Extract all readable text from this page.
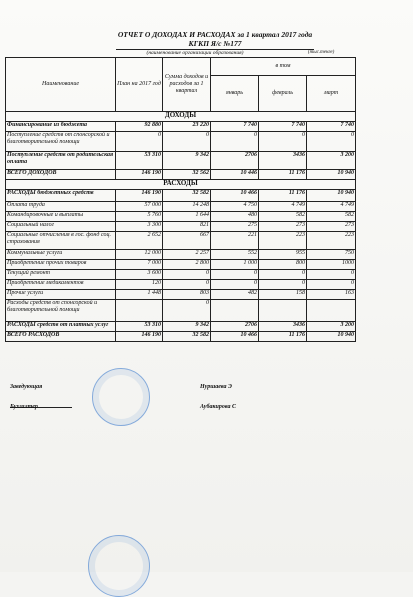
ОТЧЕТ О ДОХОДАХ И РАСХОДАХ за 1 квартал 2017 года
КГКП Я/с №177
(наименование организации образования)	(тыс.тенге)
Наименование	План на 2017 год	Сумма доходов и расходов за 1 квартал	в том		
			январь	февраль	март
ДОХОДЫ					
Финансирование из бюджета	92 880	23 220	7 740	7 740	7 740
Поступление средств от спонсорской и благотворительной помощи	0	0	0	0	0
Поступление средств от родительская оплата	53 310	9 342	2706	3436	3 200
ВСЕГО ДОХОДОВ	146 190	32 562	10 446	11 176	10 940
РАСХОДЫ					
РАСХОДЫ бюджетных средств	146 190	32 582	10 466	11 176	10 940
Оплата труда	57 000	14 248	4 750	4 749	4 749
Командировочные и выплаты	5 760	1 644	480	582	582
Социальный налог	3 300	821	275	273	273
Социальные отчисления в гос. фонд соц. страхования	2 652	667	221	223	223
Коммунальные услуги	12 000	2 257	552	955	750
Приобретение прочих товаров	7 000	2 800	1 000	800	1000
Текущий ремонт	3 600	0	0	0	0
Приобретение медикаментов	120	0	0	0	0
Прочие услуги	1 448	803	482	158	163
Расходы средств от спонсорской и благотворительной помощи		0			
РАСХОДЫ средств от платных услуг	53 310	9 342	2706	3436	3 200
ВСЕГО РАСХОДОВ	146 190	32 582	10 466	11 176	10 940
Заведующая	Нуршаева Э
Бухгалтер	Аубакирова С
